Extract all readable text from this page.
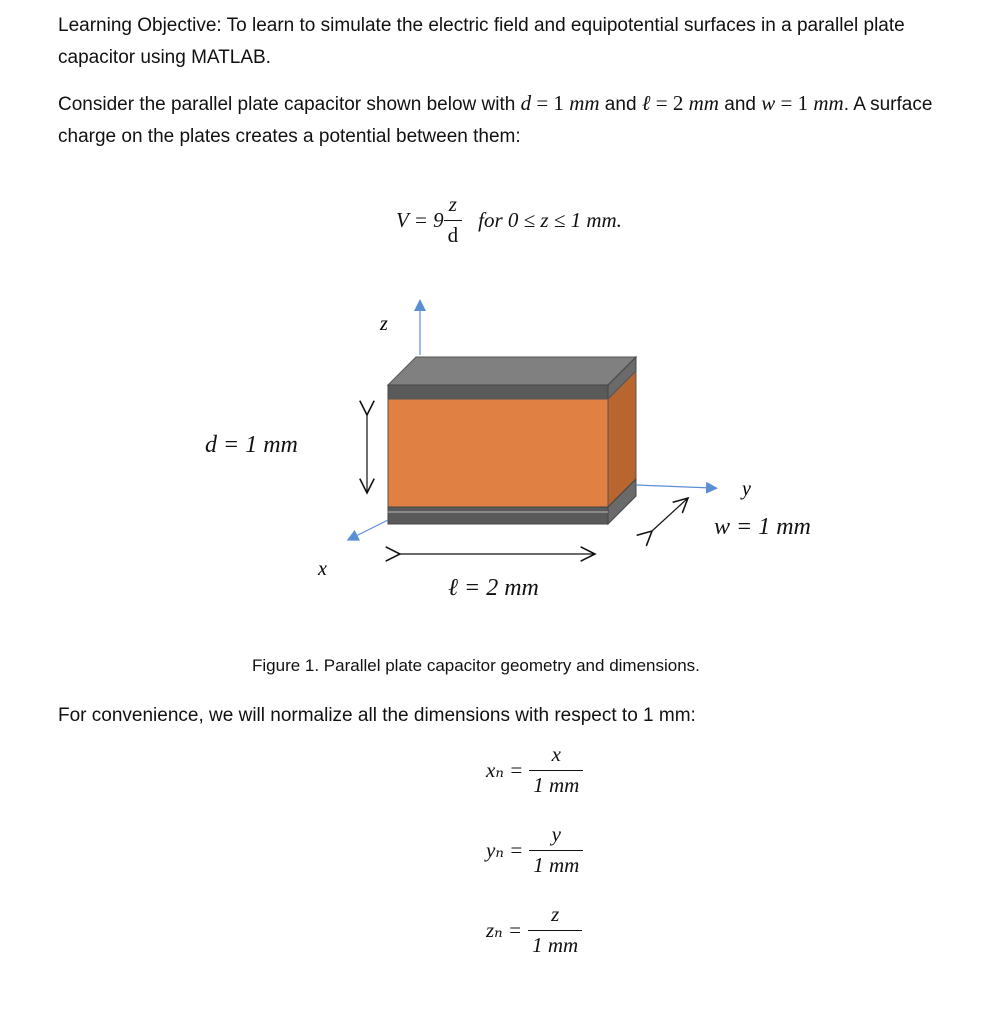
Learning Objective: To learn to simulate the electric field and equipotential surfaces in a parallel plate capacitor using MATLAB.
Consider the parallel plate capacitor shown below with d = 1 mm and ℓ = 2 mm and w = 1 mm. A surface charge on the plates creates a potential between them:
$V = 9 \frac{z}{d}$ for 0 ≤ z ≤ 1 mm.
z
x
y
d = 1 mm
ℓ = 2 mm
w = 1 mm
Figure 1. Parallel plate capacitor geometry and dimensions.
For convenience, we will normalize all the dimensions with respect to 1 mm:
$x_n = \frac{x}{1 mm}$
$y_n = \frac{y}{1 mm}$
$z_n = \frac{z}{1 mm}$
